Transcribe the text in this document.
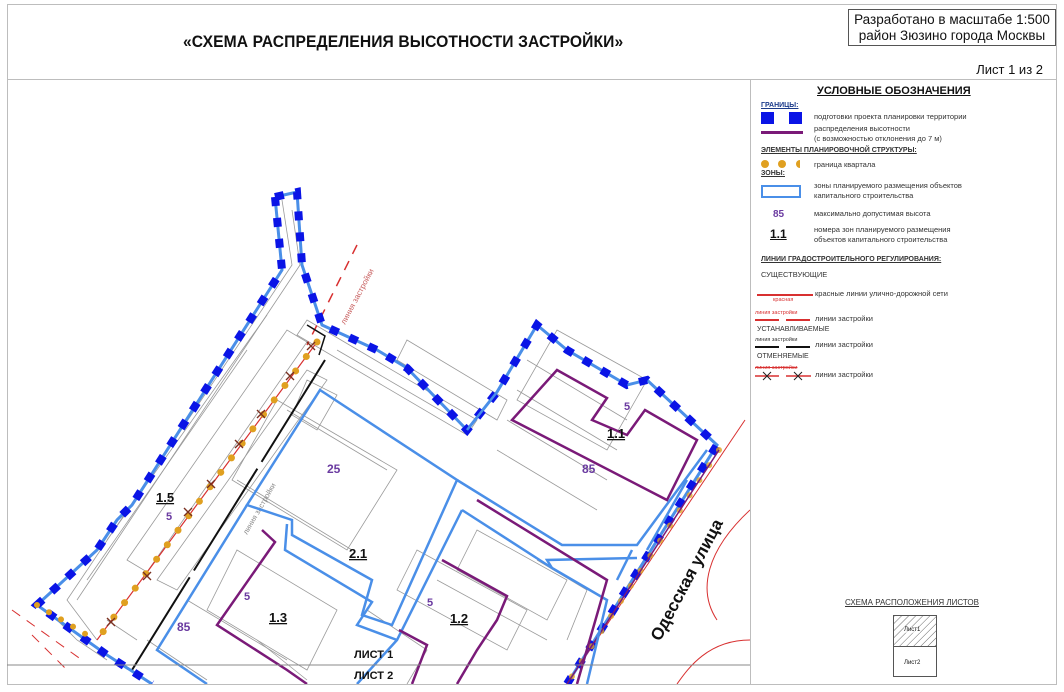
«СХЕМА РАСПРЕДЕЛЕНИЯ ВЫСОТНОСТИ ЗАСТРОЙКИ»
Разработано в масштабе 1:500
район Зюзино города Москвы
Лист 1 из 2
линия застройки
линия застройки
1.1
85
5
1.2
5
1.3
5
85
1.5
5
2.1
25
Одесская улица
ЛИСТ 1
ЛИСТ 2
УСЛОВНЫЕ ОБОЗНАЧЕНИЯ
ГРАНИЦЫ:
подготовки проекта планировки территории
распределения высотности
(с возможностью отклонения до 7 м)
ЭЛЕМЕНТЫ ПЛАНИРОВОЧНОЙ СТРУКТУРЫ:
граница квартала
ЗОНЫ:
зоны планируемого размещения объектов
капитального строительства
85	максимально допустимая высота
1.1	номера зон планируемого размещения
объектов капитального строительства
ЛИНИИ ГРАДОСТРОИТЕЛЬНОГО РЕГУЛИРОВАНИЯ:
СУЩЕСТВУЮЩИЕ
красная
красные линии улично-дорожной сети
линия застройки
линии застройки
УСТАНАВЛИВАЕМЫЕ
линия застройки линии застройки
ОТМЕНЯЕМЫЕ
линия застройки
линии застройки
СХЕМА РАСПОЛОЖЕНИЯ ЛИСТОВ
Лист1
Лист2
